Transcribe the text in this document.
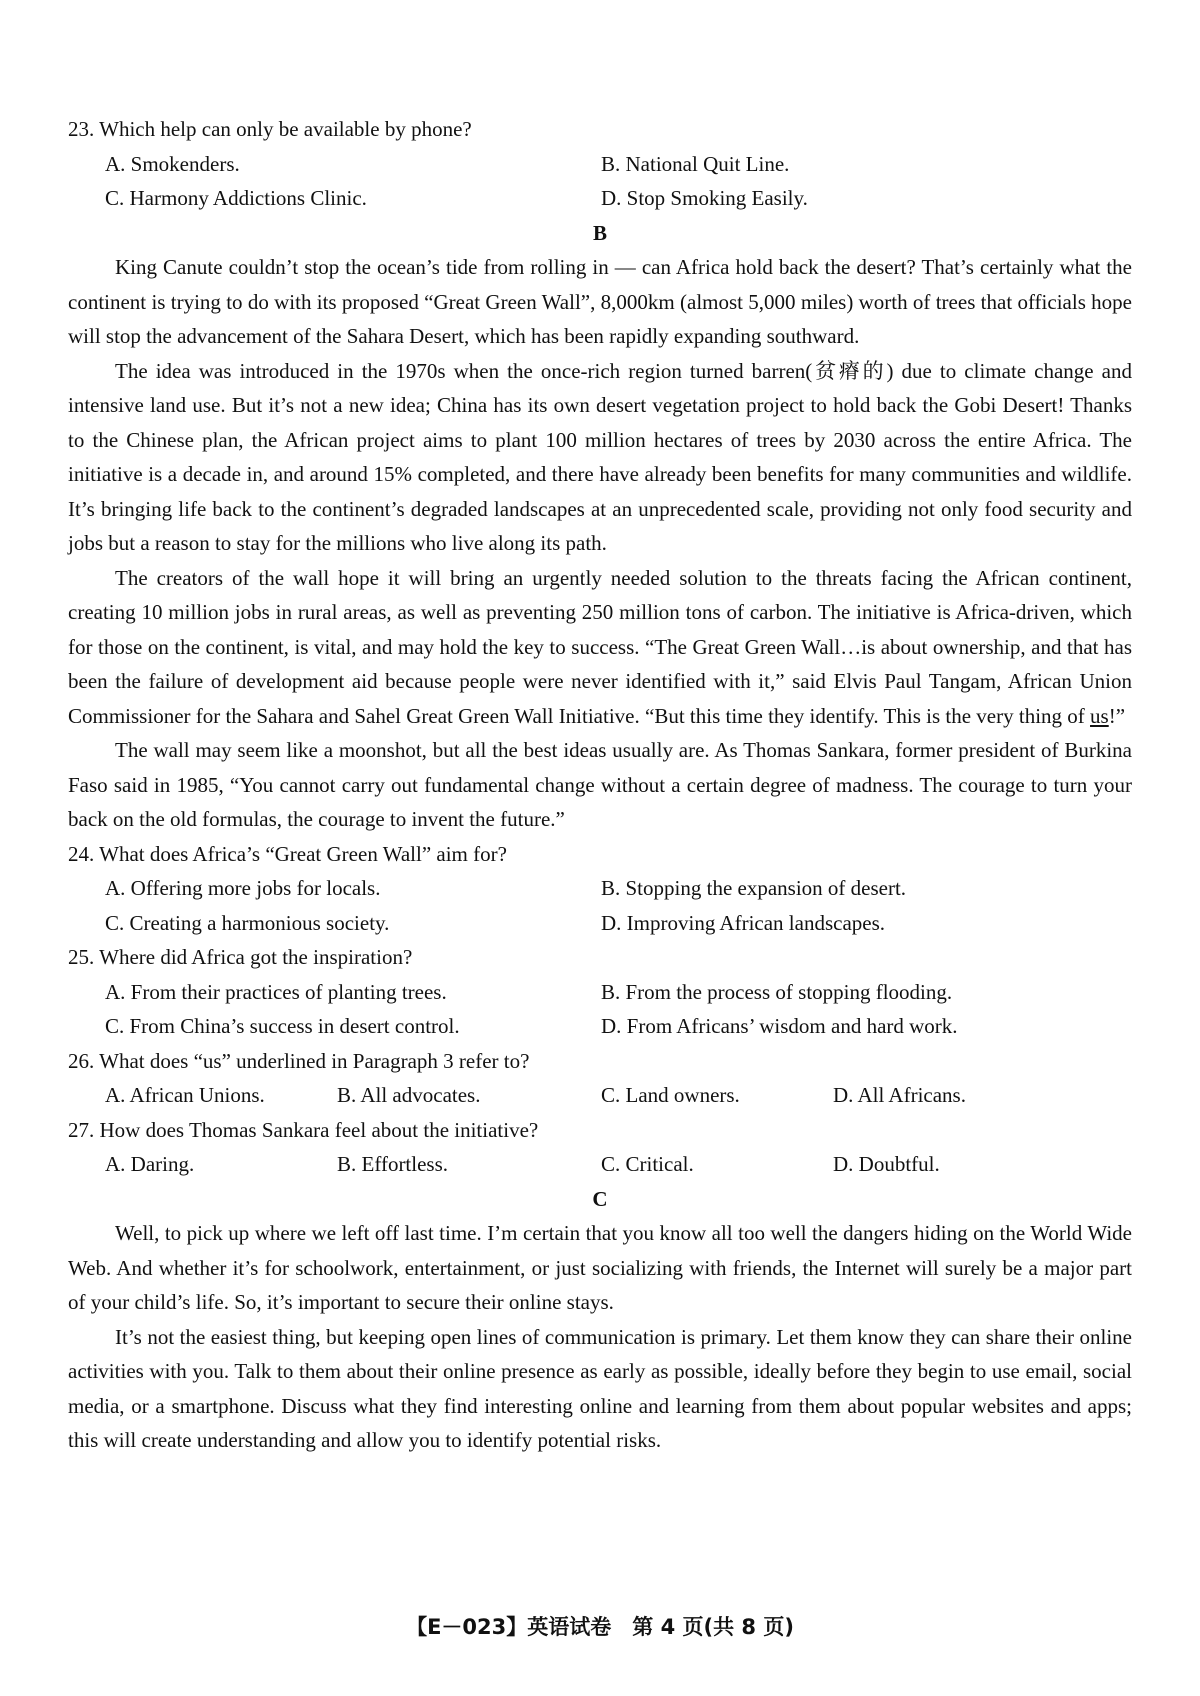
23. Which help can only be available by phone?

A. Smokenders.	B. National Quit Line.
C. Harmony Addictions Clinic.	D. Stop Smoking Easily.
B

King Canute couldn’t stop the ocean’s tide from rolling in — can Africa hold back the desert? That’s certainly what the continent is trying to do with its proposed “Great Green Wall”, 8,000km (almost 5,000 miles) worth of trees that officials hope will stop the advancement of the Sahara Desert, which has been rapidly expanding southward.

The idea was introduced in the 1970s when the once-rich region turned barren(贫瘠的) due to climate change and intensive land use. But it’s not a new idea; China has its own desert vegetation project to hold back the Gobi Desert! Thanks to the Chinese plan, the African project aims to plant 100 million hectares of trees by 2030 across the entire Africa. The initiative is a decade in, and around 15% completed, and there have already been benefits for many communities and wildlife. It’s bringing life back to the continent’s degraded landscapes at an unprecedented scale, providing not only food security and jobs but a reason to stay for the millions who live along its path.

The creators of the wall hope it will bring an urgently needed solution to the threats facing the African continent, creating 10 million jobs in rural areas, as well as preventing 250 million tons of carbon. The initiative is Africa-driven, which for those on the continent, is vital, and may hold the key to success. “The Great Green Wall…is about ownership, and that has been the failure of development aid because people were never identified with it,” said Elvis Paul Tangam, African Union Commissioner for the Sahara and Sahel Great Green Wall Initiative. “But this time they identify. This is the very thing of us!”

The wall may seem like a moonshot, but all the best ideas usually are. As Thomas Sankara, former president of Burkina Faso said in 1985, “You cannot carry out fundamental change without a certain degree of madness. The courage to turn your back on the old formulas, the courage to invent the future.”

24. What does Africa’s “Great Green Wall” aim for?

A. Offering more jobs for locals.	B. Stopping the expansion of desert.
C. Creating a harmonious society.	D. Improving African landscapes.

25. Where did Africa got the inspiration?

A. From their practices of planting trees.	B. From the process of stopping flooding.
C. From China’s success in desert control.	D. From Africans’ wisdom and hard work.

26. What does “us” underlined in Paragraph 3 refer to?

A. African Unions.	B. All advocates.	C. Land owners.	D. All Africans.

27. How does Thomas Sankara feel about the initiative?

A. Daring.	B. Effortless.	C. Critical.	D. Doubtful.
C

Well, to pick up where we left off last time. I’m certain that you know all too well the dangers hiding on the World Wide Web. And whether it’s for schoolwork, entertainment, or just socializing with friends, the Internet will surely be a major part of your child’s life. So, it’s important to secure their online stays.

It’s not the easiest thing, but keeping open lines of communication is primary. Let them know they can share their online activities with you. Talk to them about their online presence as early as possible, ideally before they begin to use email, social media, or a smartphone. Discuss what they find interesting online and learning from them about popular websites and apps; this will create understanding and allow you to identify potential risks.

【E－023】英语试卷　第 4 页(共 8 页)
